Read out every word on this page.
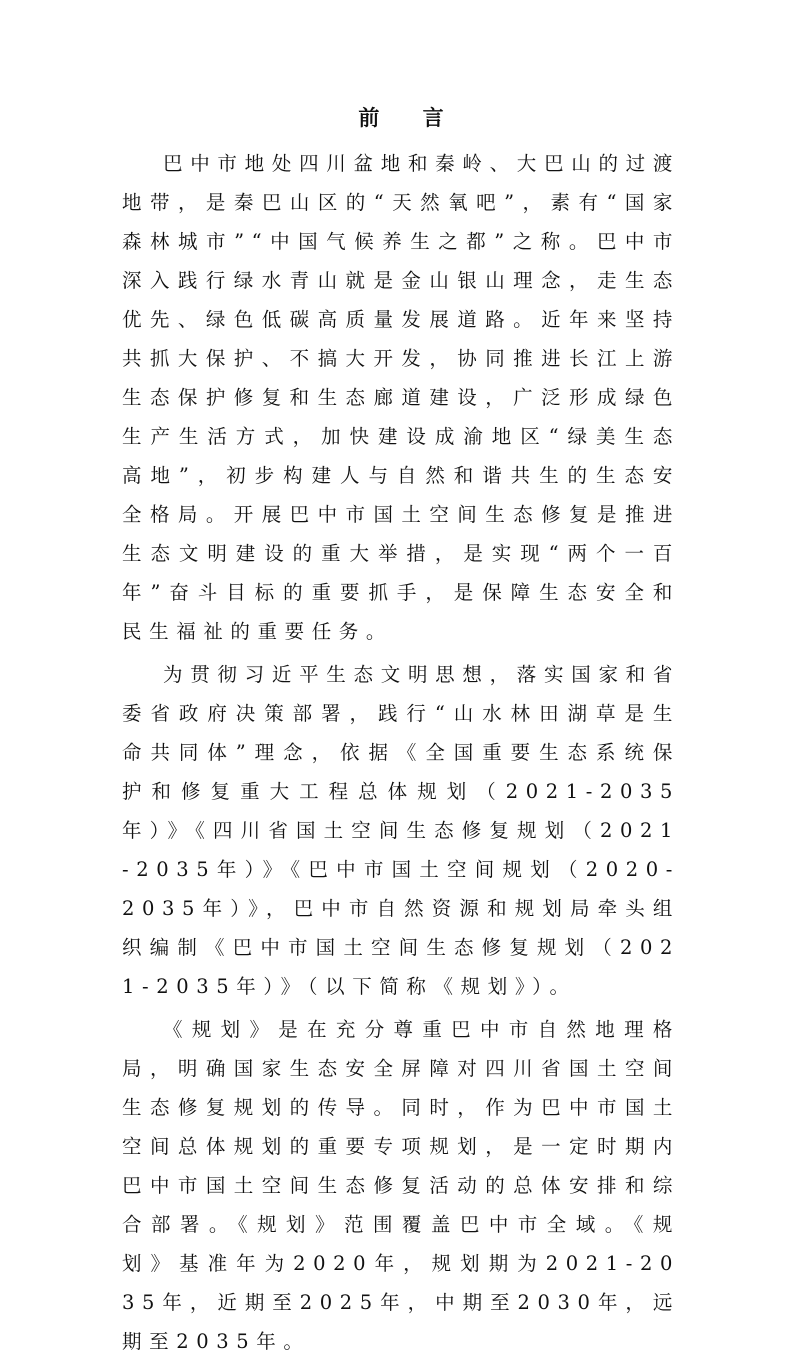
前 言

巴中市地处四川盆地和秦岭、大巴山的过渡地带，是秦巴山区的“天然氧吧”，素有“国家森林城市”“中国气候养生之都”之称。巴中市深入践行绿水青山就是金山银山理念，走生态优先、绿色低碳高质量发展道路。近年来坚持共抓大保护、不搞大开发，协同推进长江上游生态保护修复和生态廊道建设，广泛形成绿色生产生活方式，加快建设成渝地区“绿美生态高地”，初步构建人与自然和谐共生的生态安全格局。开展巴中市国土空间生态修复是推进生态文明建设的重大举措，是实现“两个一百年”奋斗目标的重要抓手，是保障生态安全和民生福祉的重要任务。

为贯彻习近平生态文明思想，落实国家和省委省政府决策部署，践行“山水林田湖草是生命共同体”理念，依据《全国重要生态系统保护和修复重大工程总体规划（2021-2035年）》《四川省国土空间生态修复规划（2021-2035年）》《巴中市国土空间规划（2020-2035年）》，巴中市自然资源和规划局牵头组织编制《巴中市国土空间生态修复规划（2021-2035年）》（以下简称《规划》）。

《规划》是在充分尊重巴中市自然地理格局，明确国家生态安全屏障对四川省国土空间生态修复规划的传导。同时，作为巴中市国土空间总体规划的重要专项规划，是一定时期内巴中市国土空间生态修复活动的总体安排和综合部署。《规划》范围覆盖巴中市全域。《规划》基准年为2020年，规划期为2021-2035年，近期至2025年，中期至2030年，远期至2035年。
